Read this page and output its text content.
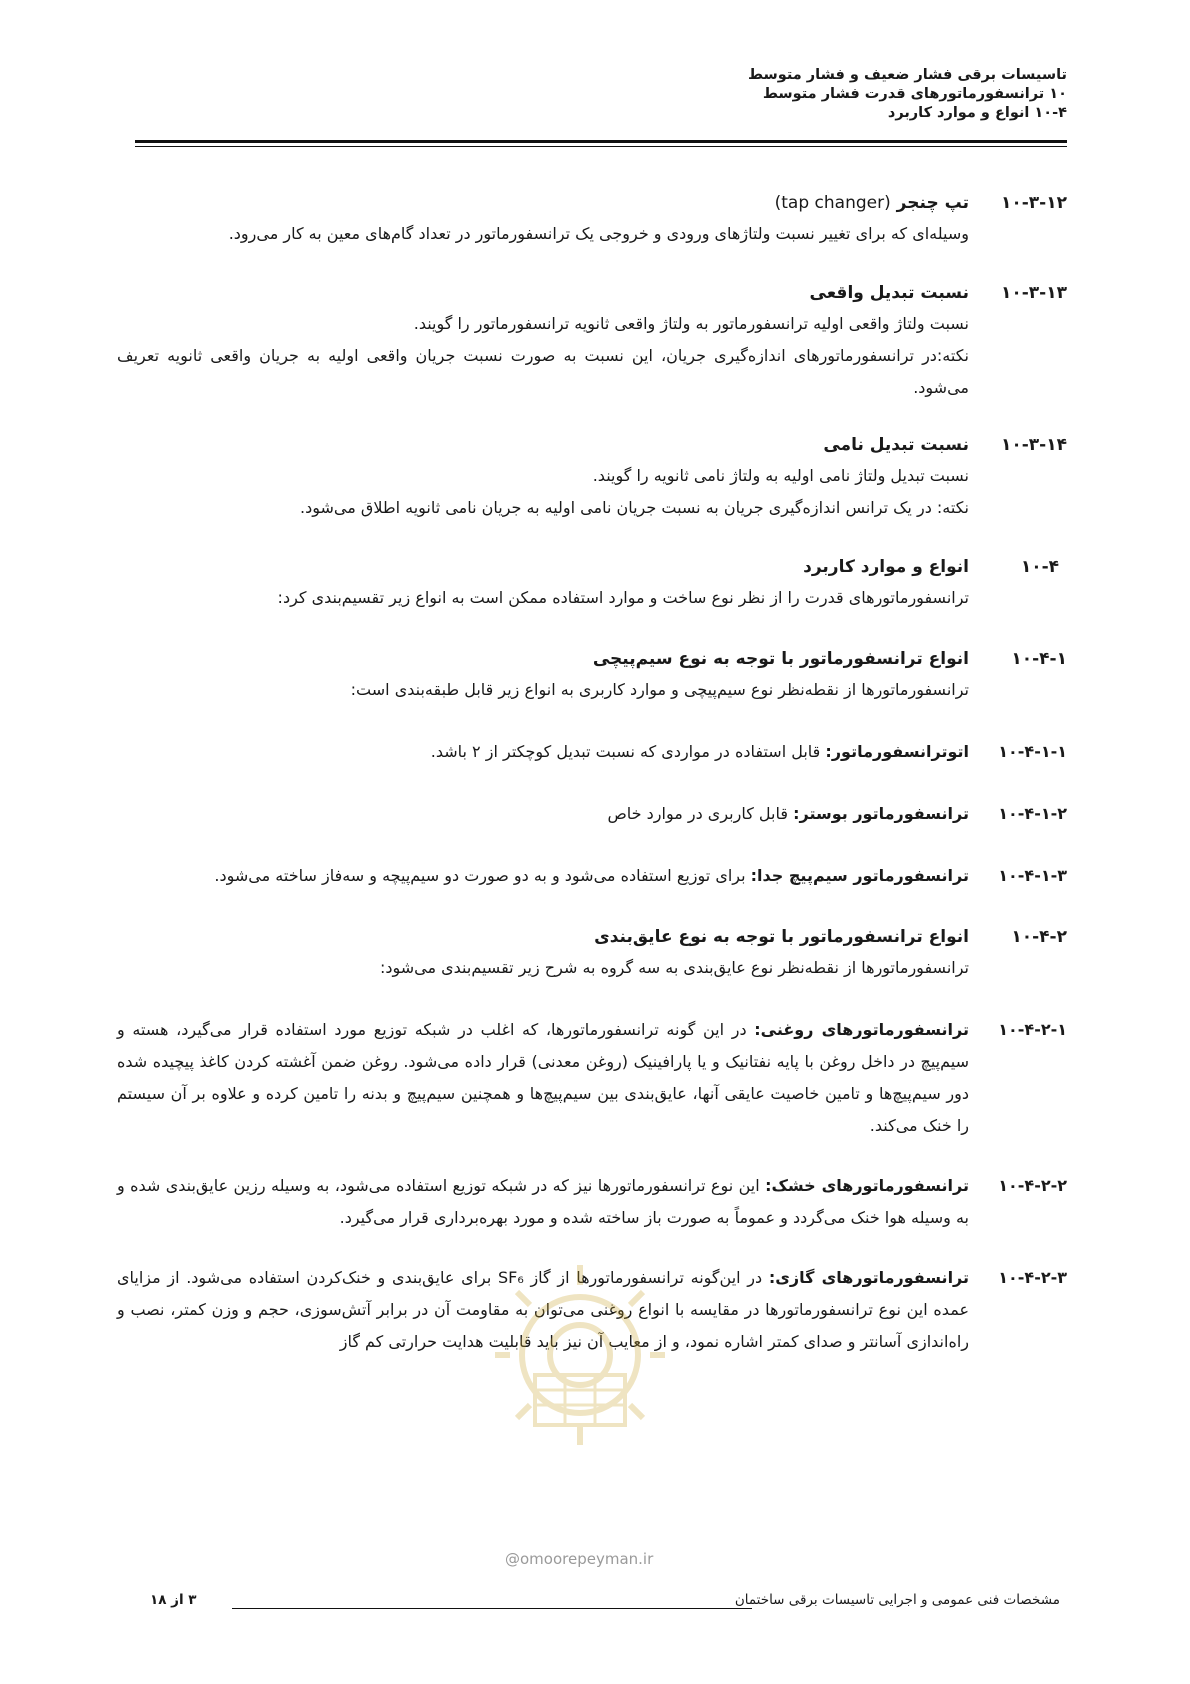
تاسیسات برقی فشار ضعیف و فشار متوسط
۱۰ ترانسفورماتورهای قدرت فشار متوسط
۱۰-۴ انواع و موارد کاربرد
۱۰-۳-۱۲
تپ چنجر (tap changer)

وسیله‌ای که برای تغییر نسبت ولتاژهای ورودی و خروجی یک ترانسفورماتور در تعداد گام‌های معین به کار می‌رود.

۱۰-۳-۱۳
نسبت تبدیل واقعی

نسبت ولتاژ واقعی اولیه ترانسفورماتور به ولتاژ واقعی ثانویه ترانسفورماتور را گویند.

نکته:در ترانسفورماتورهای اندازه‌گیری جریان، این نسبت به صورت نسبت جریان واقعی اولیه به جریان واقعی ثانویه تعریف می‌شود.

۱۰-۳-۱۴
نسبت تبدیل نامی

نسبت تبدیل ولتاژ نامی اولیه به ولتاژ نامی ثانویه را گویند.

نکته: در یک ترانس اندازه‌گیری جریان به نسبت جریان نامی اولیه به جریان نامی ثانویه اطلاق می‌شود.

۱۰-۴
انواع و موارد کاربرد

ترانسفورماتورهای قدرت را از نظر نوع ساخت و موارد استفاده ممکن است به انواع زیر تقسیم‌بندی کرد:

۱۰-۴-۱
انواع ترانسفورماتور با توجه به نوع سیم‌پیچی

ترانسفورماتورها از نقطه‌نظر نوع سیم‌پیچی و موارد کاربری به انواع زیر قابل طبقه‌بندی است:

۱۰-۴-۱-۱
اتوترانسفورماتور: قابل استفاده در مواردی که نسبت تبدیل کوچکتر از ۲ باشد.
۱۰-۴-۱-۲
ترانسفورماتور بوستر: قابل کاربری در موارد خاص
۱۰-۴-۱-۳
ترانسفورماتور سیم‌پیچ جدا: برای توزیع استفاده می‌شود و به دو صورت دو سیم‌پیچه و سه‌فاز ساخته می‌شود.
۱۰-۴-۲
انواع ترانسفورماتور با توجه به نوع عایق‌بندی

ترانسفورماتورها از نقطه‌نظر نوع عایق‌بندی به سه گروه به شرح زیر تقسیم‌بندی می‌شود:

۱۰-۴-۲-۱
ترانسفورماتورهای روغنی: در این گونه ترانسفورماتورها، که اغلب در شبکه توزیع مورد استفاده قرار می‌گیرد، هسته و سیم‌پیچ در داخل روغن با پایه نفتانیک و یا پارافینیک (روغن معدنی) قرار داده می‌شود. روغن ضمن آغشته کردن کاغذ پیچیده شده دور سیم‌پیچ‌ها و تامین خاصیت عایقی آنها، عایق‌بندی بین سیم‌پیچ‌ها و همچنین سیم‌پیچ و بدنه را تامین کرده و علاوه بر آن سیستم را خنک می‌کند.
۱۰-۴-۲-۲
ترانسفورماتورهای خشک: این نوع ترانسفورماتورها نیز که در شبکه توزیع استفاده می‌شود، به وسیله رزین عایق‌بندی شده و به وسیله هوا خنک می‌گردد و عموماً به صورت باز ساخته شده و مورد بهره‌برداری قرار می‌گیرد.
۱۰-۴-۲-۳
ترانسفورماتورهای گازی: در این‌گونه ترانسفورماتورها از گاز SF₆ برای عایق‌بندی و خنک‌کردن استفاده می‌شود. از مزایای عمده این نوع ترانسفورماتورها در مقایسه با انواع روغنی می‌توان به مقاومت آن در برابر آتش‌سوزی، حجم و وزن کمتر، نصب و راه‌اندازی آسانتر و صدای کمتر اشاره نمود، و از معایب آن نیز باید قابلیت هدایت حرارتی کم گاز
@omoorepeyman.ir
مشخصات فنی عمومی و اجرایی تاسیسات برقی ساختمان
۳ از ۱۸
